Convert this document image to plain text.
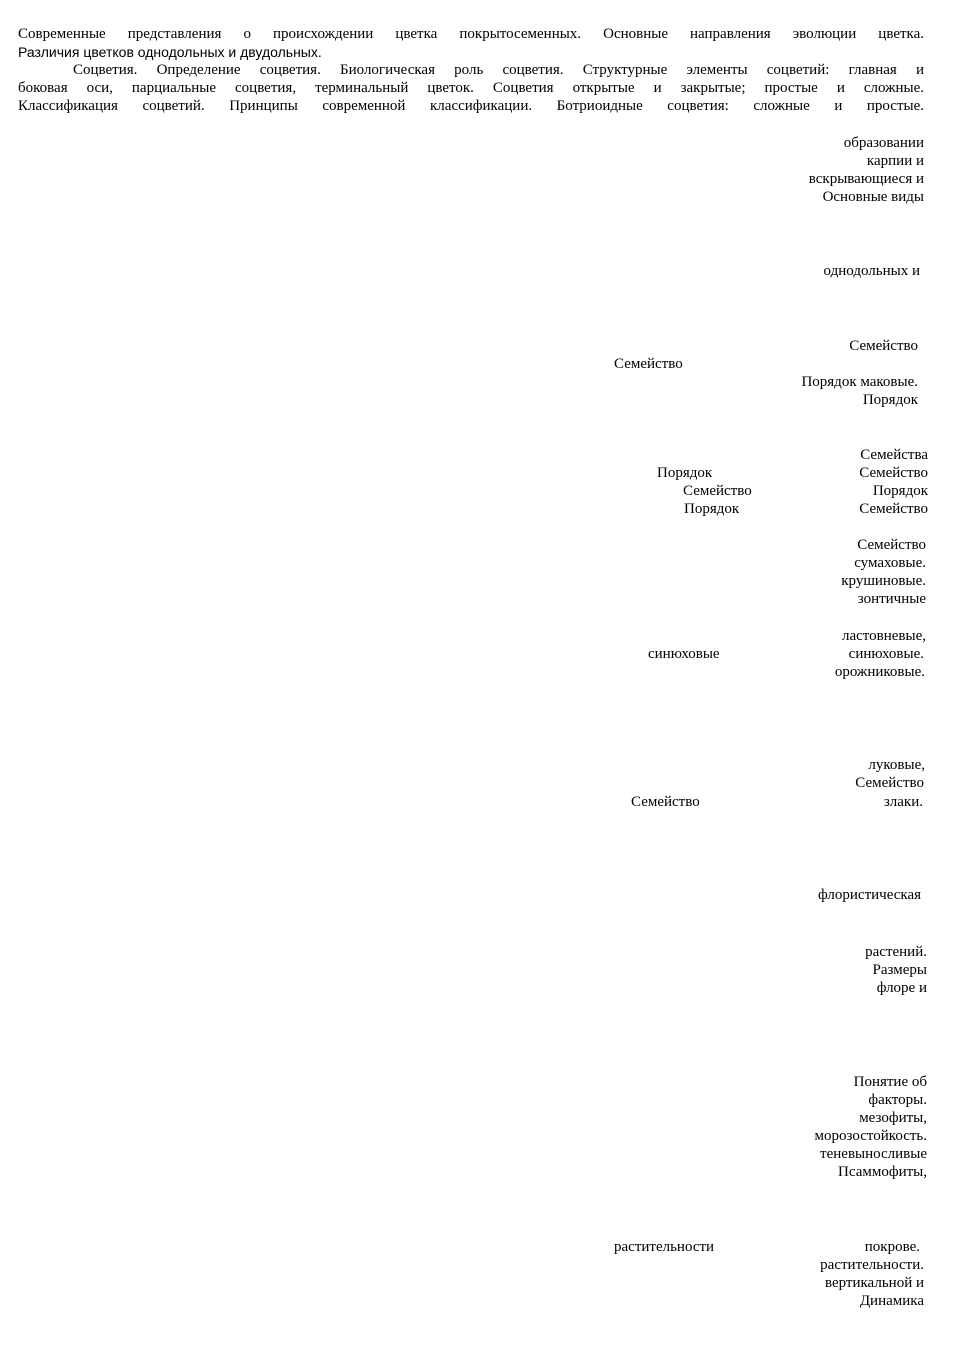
Современные представления о происхождении цветка покрытосеменных. Основные направления эволюции цветка.
Различия цветков однодольных и двудольных.
Соцветия. Определение соцветия. Биологическая роль соцветия. Структурные элементы соцветий: главная и
боковая оси, парциальные соцветия, терминальный цветок. Соцветия открытые и закрытые; простые и сложные.
Классификация соцветий. Принципы современной классификации. Ботриоидные соцветия: сложные и простые.
образовании
карпии и
вскрывающиеся и
Основные виды
однодольных и
Семейство
Семейство
Порядок маковые.
Порядок
Семейства
Семейство
Порядок
Семейство
Порядок
Семейство
Порядок
Семейство
сумаховые.
крушиновые.
зонтичные
ластовневые,
синюховые.
синюховые
орожниковые.
луковые,
Семейство
Семейство	злаки.
флористическая
растений.
Размеры
флоре и
Понятие об
факторы.
мезофиты,
морозостойкость.
теневыносливые
Псаммофиты,
растительности	покрове.
растительности.
вертикальной и
Динамика
